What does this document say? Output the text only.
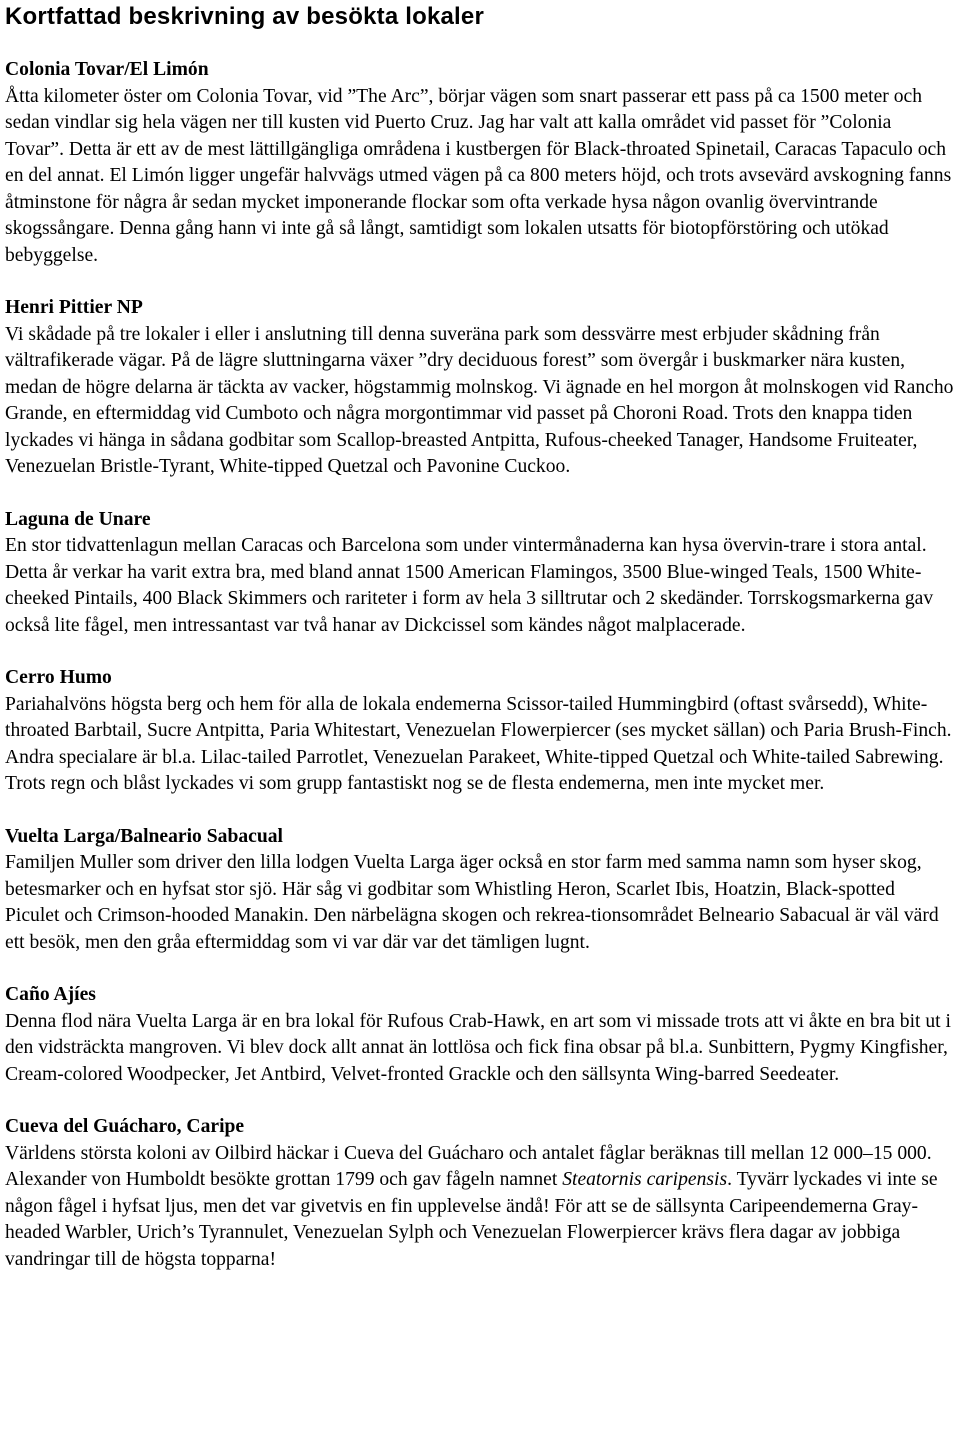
Kortfattad beskrivning av besökta lokaler
Colonia Tovar/El Limón

Åtta kilometer öster om Colonia Tovar, vid ”The Arc”, börjar vägen som snart passerar ett pass på ca 1500 meter och sedan vindlar sig hela vägen ner till kusten vid Puerto Cruz. Jag har valt att kalla området vid passet för ”Colonia Tovar”. Detta är ett av de mest lättillgängliga områdena i kustbergen för Black-throated Spinetail, Caracas Tapaculo och en del annat. El Limón ligger ungefär halvvägs utmed vägen på ca 800 meters höjd, och trots avsevärd avskogning fanns åtminstone för några år sedan mycket imponerande flockar som ofta verkade hysa någon ovanlig övervintrande skogssångare. Denna gång hann vi inte gå så långt, samtidigt som lokalen utsatts för biotopförstöring och utökad bebyggelse.

Henri Pittier NP

Vi skådade på tre lokaler i eller i anslutning till denna suveräna park som dessvärre mest erbjuder skådning från vältrafikerade vägar. På de lägre sluttningarna växer ”dry deciduous forest” som övergår i buskmarker nära kusten, medan de högre delarna är täckta av vacker, högstammig molnskog. Vi ägnade en hel morgon åt molnskogen vid Rancho Grande, en eftermiddag vid Cumboto och några morgontimmar vid passet på Choroni Road. Trots den knappa tiden lyckades vi hänga in sådana godbitar som Scallop-breasted Antpitta, Rufous-cheeked Tanager, Handsome Fruiteater, Venezuelan Bristle-Tyrant, White-tipped Quetzal och Pavonine Cuckoo.

Laguna de Unare

En stor tidvattenlagun mellan Caracas och Barcelona som under vintermånaderna kan hysa övervin-trare i stora antal. Detta år verkar ha varit extra bra, med bland annat 1500 American Flamingos, 3500 Blue-winged Teals, 1500 White-cheeked Pintails, 400 Black Skimmers och rariteter i form av hela 3 silltrutar och 2 skedänder. Torrskogsmarkerna gav också lite fågel, men intressantast var två hanar av Dickcissel som kändes något malplacerade.

Cerro Humo

Pariahalvöns högsta berg och hem för alla de lokala endemerna Scissor-tailed Hummingbird (oftast svårsedd), White-throated Barbtail, Sucre Antpitta, Paria Whitestart, Venezuelan Flowerpiercer (ses mycket sällan) och Paria Brush-Finch. Andra specialare är bl.a. Lilac-tailed Parrotlet, Venezuelan Parakeet, White-tipped Quetzal och White-tailed Sabrewing. Trots regn och blåst lyckades vi som grupp fantastiskt nog se de flesta endemerna, men inte mycket mer.

Vuelta Larga/Balneario Sabacual

Familjen Muller som driver den lilla lodgen Vuelta Larga äger också en stor farm med samma namn som hyser skog, betesmarker och en hyfsat stor sjö. Här såg vi godbitar som Whistling Heron, Scarlet Ibis, Hoatzin, Black-spotted Piculet och Crimson-hooded Manakin. Den närbelägna skogen och rekrea-tionsområdet Belneario Sabacual är väl värd ett besök, men den gråa eftermiddag som vi var där var det tämligen lugnt.

Caño Ajíes

Denna flod nära Vuelta Larga är en bra lokal för Rufous Crab-Hawk, en art som vi missade trots att vi åkte en bra bit ut i den vidsträckta mangroven. Vi blev dock allt annat än lottlösa och fick fina obsar på bl.a. Sunbittern, Pygmy Kingfisher, Cream-colored Woodpecker, Jet Antbird, Velvet-fronted Grackle och den sällsynta Wing-barred Seedeater.

Cueva del Guácharo, Caripe

Världens största koloni av Oilbird häckar i Cueva del Guácharo och antalet fåglar beräknas till mellan 12 000–15 000. Alexander von Humboldt besökte grottan 1799 och gav fågeln namnet Steatornis caripensis. Tyvärr lyckades vi inte se någon fågel i hyfsat ljus, men det var givetvis en fin upplevelse ändå! För att se de sällsynta Caripeendemerna Gray-headed Warbler, Urich’s Tyrannulet, Venezuelan Sylph och Venezuelan Flowerpiercer krävs flera dagar av jobbiga vandringar till de högsta topparna!
